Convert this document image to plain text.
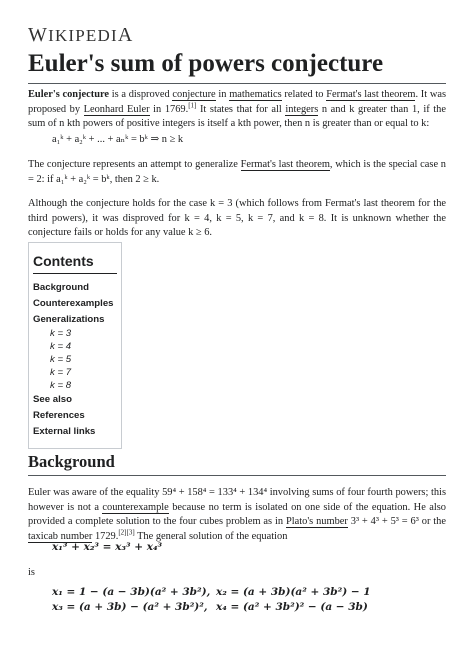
WIKIPEDIA
Euler's sum of powers conjecture

Euler's conjecture is a disproved conjecture in mathematics related to Fermat's last theorem. It was proposed by Leonhard Euler in 1769.[1] It states that for all integers n and k greater than 1, if the sum of n kth powers of positive integers is itself a kth power, then n is greater than or equal to k:

a₁ᵏ + a₂ᵏ + ... + aₙᵏ = bᵏ ⇒ n ≥ k

The conjecture represents an attempt to generalize Fermat's last theorem, which is the special case n = 2: if a₁ᵏ + a₂ᵏ = bᵏ, then 2 ≥ k.

Although the conjecture holds for the case k = 3 (which follows from Fermat's last theorem for the third powers), it was disproved for k = 4, k = 5, k = 7, and k = 8. It is unknown whether the conjecture fails or holds for any value k ≥ 6.

Contents
Background
Counterexamples
Generalizations
k = 3
k = 4
k = 5
k = 7
k = 8
See also
References
External links
Background

Euler was aware of the equality 59⁴ + 158⁴ = 133⁴ + 134⁴ involving sums of four fourth powers; this however is not a counterexample because no term is isolated on one side of the equation. He also provided a complete solution to the four cubes problem as in Plato's number 3³ + 4³ + 5³ = 6³ or the taxicab number 1729.[2][3] The general solution of the equation

x₁³ + x₂³ = x₃³ + x₄³
is
x₁ = 1 − (a − 3b)(a² + 3b²), x₂ = (a + 3b)(a² + 3b²) − 1
x₃ = (a + 3b) − (a² + 3b²)², x₄ = (a² + 3b²)² − (a − 3b)
